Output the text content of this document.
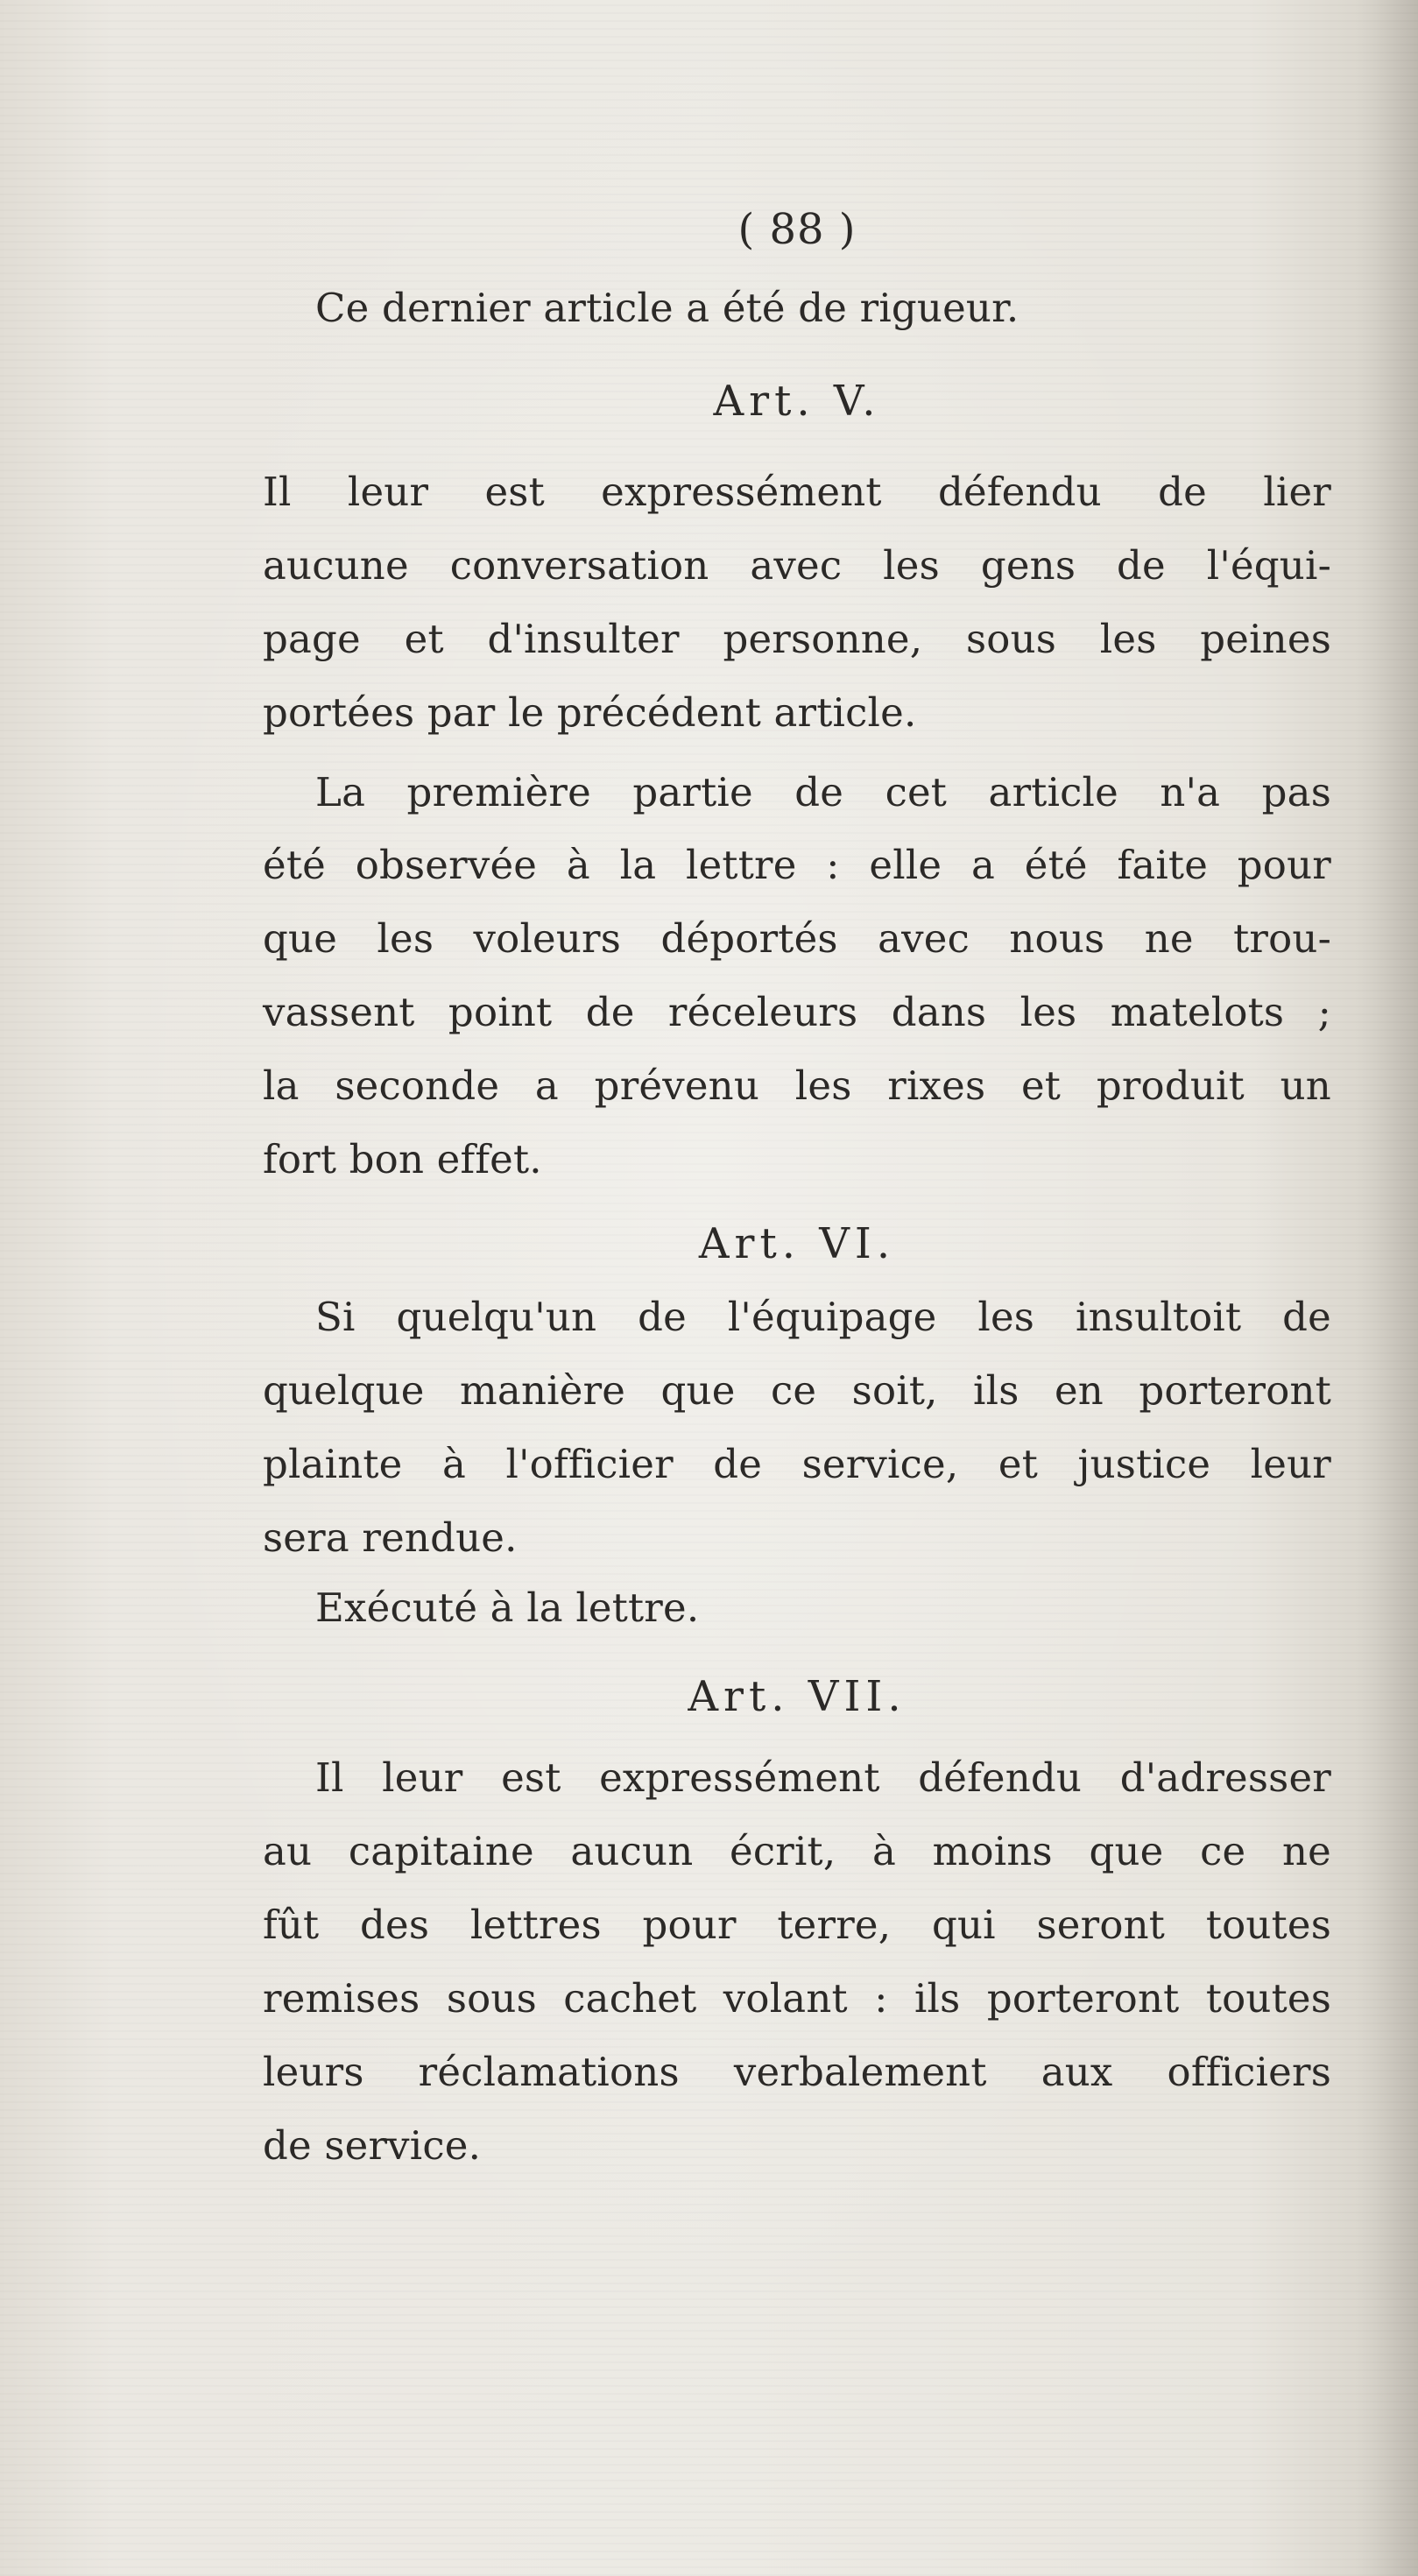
( 88 )
Ce dernier article a été de rigueur.
Art. V.
Il leur est expressément défendu de lier
aucune conversation avec les gens de l'équi-
page et d'insulter personne, sous les peines
portées par le précédent article.
La première partie de cet article n'a pas
été observée à la lettre : elle a été faite pour
que les voleurs déportés avec nous ne trou-
vassent point de réceleurs dans les matelots ;
la seconde a prévenu les rixes et produit un
fort bon effet.
Art. VI.
Si quelqu'un de l'équipage les insultoit de
quelque manière que ce soit, ils en porteront
plainte à l'officier de service, et justice leur
sera rendue.
Exécuté à la lettre.
Art. VII.
Il leur est expressément défendu d'adresser
au capitaine aucun écrit, à moins que ce ne
fût des lettres pour terre, qui seront toutes
remises sous cachet volant : ils porteront toutes
leurs réclamations verbalement aux officiers
de service.
